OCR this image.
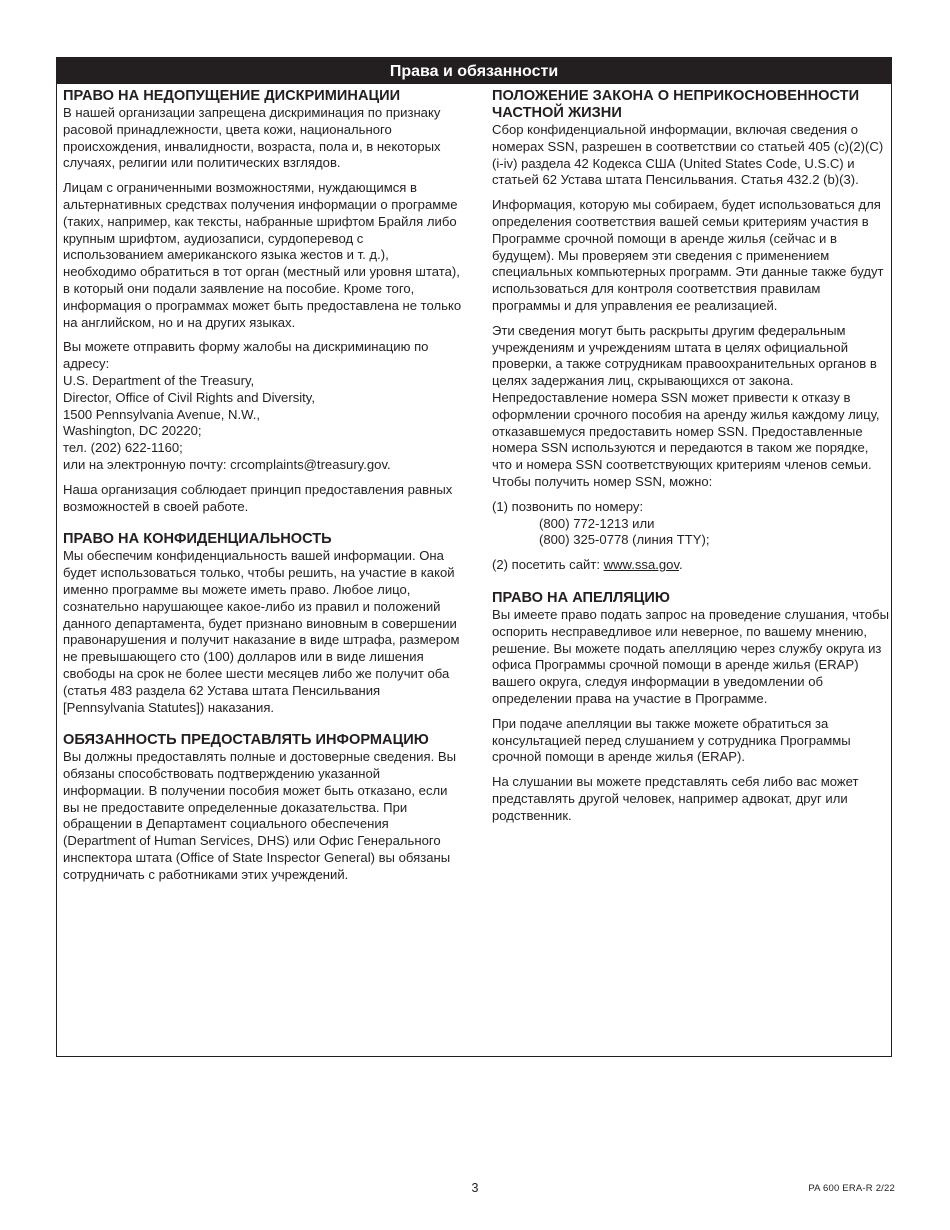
Права и обязанности
ПРАВО НА НЕДОПУЩЕНИЕ ДИСКРИМИНАЦИИ

В нашей организации запрещена дискриминация по признаку расовой принадлежности, цвета кожи, национального происхождения, инвалидности, возраста, пола и, в некоторых случаях, религии или политических взглядов.

Лицам с ограниченными возможностями, нуждающимся в альтернативных средствах получения информации о программе (таких, например, как тексты, набранные шрифтом Брайля либо крупным шрифтом, аудиозаписи, сурдоперевод с использованием американского языка жестов и т. д.), необходимо обратиться в тот орган (местный или уровня штата), в который они подали заявление на пособие. Кроме того, информация о программах может быть предоставлена не только на английском, но и на других языках.

Вы можете отправить форму жалобы на дискриминацию по адресу:
U.S. Department of the Treasury,
Director, Office of Civil Rights and Diversity,
1500 Pennsylvania Avenue, N.W.,
Washington, DC 20220;
тел. (202) 622-1160;
или на электронную почту: crcomplaints@treasury.gov.

Наша организация соблюдает принцип предоставления равных возможностей в своей работе.

ПРАВО НА КОНФИДЕНЦИАЛЬНОСТЬ

Мы обеспечим конфиденциальность вашей информации. Она будет использоваться только, чтобы решить, на участие в какой именно программе вы можете иметь право. Любое лицо, сознательно нарушающее какое-либо из правил и положений данного департамента, будет признано виновным в совершении правонарушения и получит наказание в виде штрафа, размером не превышающего сто (100) долларов или в виде лишения свободы на срок не более шести месяцев либо же получит оба (статья 483 раздела 62 Устава штата Пенсильвания [Pennsylvania Statutes]) наказания.

ОБЯЗАННОСТЬ ПРЕДОСТАВЛЯТЬ ИНФОРМАЦИЮ

Вы должны предоставлять полные и достоверные сведения. Вы обязаны способствовать подтверждению указанной информации. В получении пособия может быть отказано, если вы не предоставите определенные доказательства. При обращении в Департамент социального обеспечения (Department of Human Services, DHS) или Офис Генерального инспектора штата (Office of State Inspector General) вы обязаны сотрудничать с работниками этих учреждений.

ПОЛОЖЕНИЕ ЗАКОНА О НЕПРИКОСНОВЕННОСТИ ЧАСТНОЙ ЖИЗНИ

Сбор конфиденциальной информации, включая сведения о номерах SSN, разрешен в соответствии со статьей 405 (c)(2)(C)(i-iv) раздела 42 Кодекса США (United States Code, U.S.C) и статьей 62 Устава штата Пенсильвания. Статья 432.2 (b)(3).

Информация, которую мы собираем, будет использоваться для определения соответствия вашей семьи критериям участия в Программе срочной помощи в аренде жилья (сейчас и в будущем). Мы проверяем эти сведения с применением специальных компьютерных программ. Эти данные также будут использоваться для контроля соответствия правилам программы и для управления ее реализацией.

Эти сведения могут быть раскрыты другим федеральным учреждениям и учреждениям штата в целях официальной проверки, а также сотрудникам правоохранительных органов в целях задержания лиц, скрывающихся от закона. Непредоставление номера SSN может привести к отказу в оформлении срочного пособия на аренду жилья каждому лицу, отказавшемуся предоставить номер SSN. Предоставленные номера SSN используются и передаются в таком же порядке, что и номера SSN соответствующих критериям членов семьи. Чтобы получить номер SSN, можно:

(1) позвонить по номеру:
(800) 772-1213 или
(800) 325-0778 (линия TTY);

(2) посетить сайт: www.ssa.gov.

ПРАВО НА АПЕЛЛЯЦИЮ

Вы имеете право подать запрос на проведение слушания, чтобы оспорить несправедливое или неверное, по вашему мнению, решение. Вы можете подать апелляцию через службу округа из офиса Программы срочной помощи в аренде жилья (ERAP) вашего округа, следуя информации в уведомлении об определении права на участие в Программе.

При подаче апелляции вы также можете обратиться за консультацией перед слушанием у сотрудника Программы срочной помощи в аренде жилья (ERAP).

На слушании вы можете представлять себя либо вас может представлять другой человек, например адвокат, друг или родственник.

3	PA 600 ERA-R 2/22
